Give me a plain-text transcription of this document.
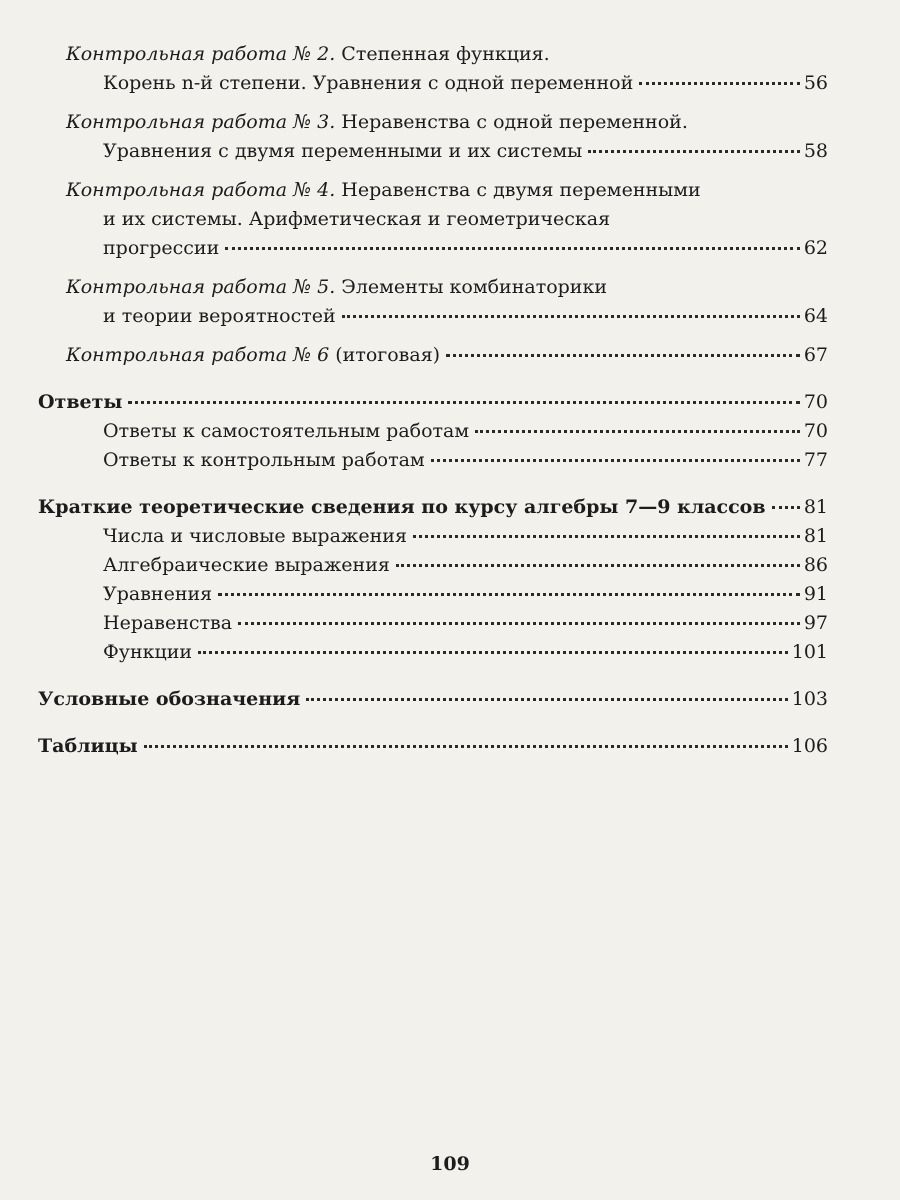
Контрольная работа № 2. Степенная функция.
Корень n-й степени. Уравнения с одной переменной	56
Контрольная работа № 3. Неравенства с одной переменной.
Уравнения с двумя переменными и их системы	58
Контрольная работа № 4. Неравенства с двумя переменными
и их системы. Арифметическая и геометрическая
прогрессии	62
Контрольная работа № 5. Элементы комбинаторики
и теории вероятностей	64
Контрольная работа № 6 (итоговая)	67
Ответы	70
Ответы к самостоятельным работам	70
Ответы к контрольным работам	77
Краткие теоретические сведения по курсу алгебры 7—9 классов 81
Числа и числовые выражения	81
Алгебраические выражения	86
Уравнения	91
Неравенства	97
Функции	101
Условные обозначения	103
Таблицы	106
109
